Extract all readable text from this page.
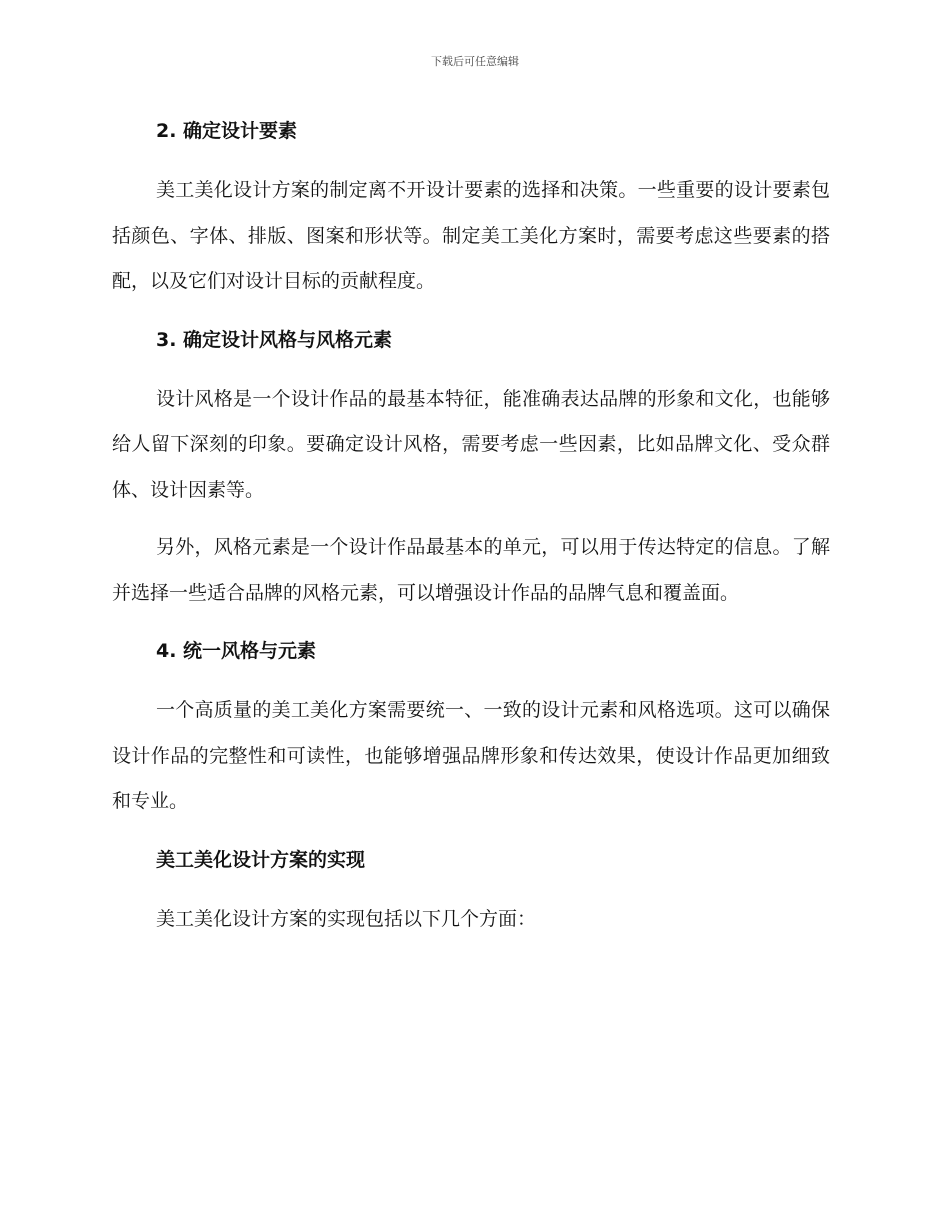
下载后可任意编辑
2. 确定设计要素

美工美化设计方案的制定离不开设计要素的选择和决策。一些重要的设计要素包括颜色、字体、排版、图案和形状等。制定美工美化方案时，需要考虑这些要素的搭配，以及它们对设计目标的贡献程度。

3. 确定设计风格与风格元素

设计风格是一个设计作品的最基本特征，能准确表达品牌的形象和文化，也能够给人留下深刻的印象。要确定设计风格，需要考虑一些因素，比如品牌文化、受众群体、设计因素等。

另外，风格元素是一个设计作品最基本的单元，可以用于传达特定的信息。了解并选择一些适合品牌的风格元素，可以增强设计作品的品牌气息和覆盖面。

4. 统一风格与元素

一个高质量的美工美化方案需要统一、一致的设计元素和风格选项。这可以确保设计作品的完整性和可读性，也能够增强品牌形象和传达效果，使设计作品更加细致和专业。

美工美化设计方案的实现

美工美化设计方案的实现包括以下几个方面：
